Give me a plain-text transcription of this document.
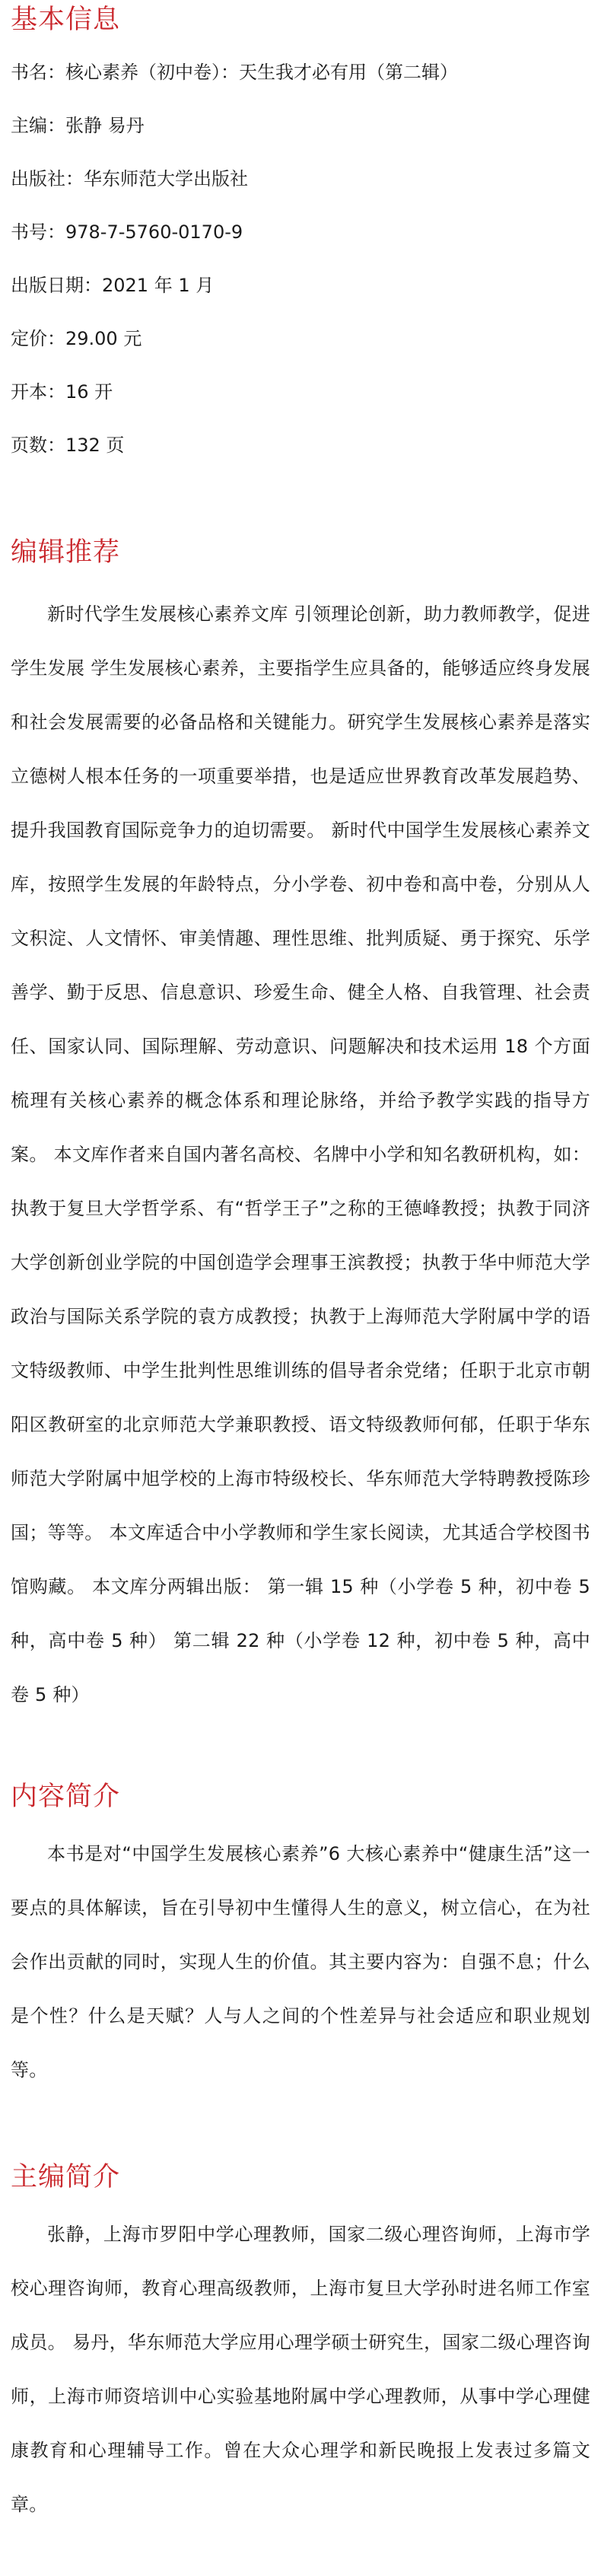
基本信息

书名：核心素养（初中卷）：天生我才必有用（第二辑）

主编：张静 易丹

出版社：华东师范大学出版社

书号：978-7-5760-0170-9

出版日期：2021 年 1 月

定价：29.00 元

开本：16 开

页数：132 页

编辑推荐

新时代学生发展核心素养文库 引领理论创新，助力教师教学，促进学生发展 学生发展核心素养，主要指学生应具备的，能够适应终身发展和社会发展需要的必备品格和关键能力。研究学生发展核心素养是落实立德树人根本任务的一项重要举措，也是适应世界教育改革发展趋势、提升我国教育国际竞争力的迫切需要。 新时代中国学生发展核心素养文库，按照学生发展的年龄特点，分小学卷、初中卷和高中卷，分别从人文积淀、人文情怀、审美情趣、理性思维、批判质疑、勇于探究、乐学善学、勤于反思、信息意识、珍爱生命、健全人格、自我管理、社会责任、国家认同、国际理解、劳动意识、问题解决和技术运用 18 个方面梳理有关核心素养的概念体系和理论脉络，并给予教学实践的指导方案。 本文库作者来自国内著名高校、名牌中小学和知名教研机构，如：执教于复旦大学哲学系、有“哲学王子”之称的王德峰教授；执教于同济大学创新创业学院的中国创造学会理事王滨教授；执教于华中师范大学政治与国际关系学院的袁方成教授；执教于上海师范大学附属中学的语文特级教师、中学生批判性思维训练的倡导者余党绪；任职于北京市朝阳区教研室的北京师范大学兼职教授、语文特级教师何郁，任职于华东师范大学附属中旭学校的上海市特级校长、华东师范大学特聘教授陈珍国；等等。 本文库适合中小学教师和学生家长阅读，尤其适合学校图书馆购藏。 本文库分两辑出版： 第一辑 15 种（小学卷 5 种，初中卷 5 种，高中卷 5 种） 第二辑 22 种（小学卷 12 种，初中卷 5 种，高中卷 5 种）

内容简介

本书是对“中国学生发展核心素养”6 大核心素养中“健康生活”这一要点的具体解读，旨在引导初中生懂得人生的意义，树立信心，在为社会作出贡献的同时，实现人生的价值。其主要内容为：自强不息；什么是个性？什么是天赋？人与人之间的个性差异与社会适应和职业规划等。

主编简介

张静，上海市罗阳中学心理教师，国家二级心理咨询师，上海市学校心理咨询师，教育心理高级教师，上海市复旦大学孙时进名师工作室成员。 易丹，华东师范大学应用心理学硕士研究生，国家二级心理咨询师，上海市师资培训中心实验基地附属中学心理教师，从事中学心理健康教育和心理辅导工作。曾在大众心理学和新民晚报上发表过多篇文章。
